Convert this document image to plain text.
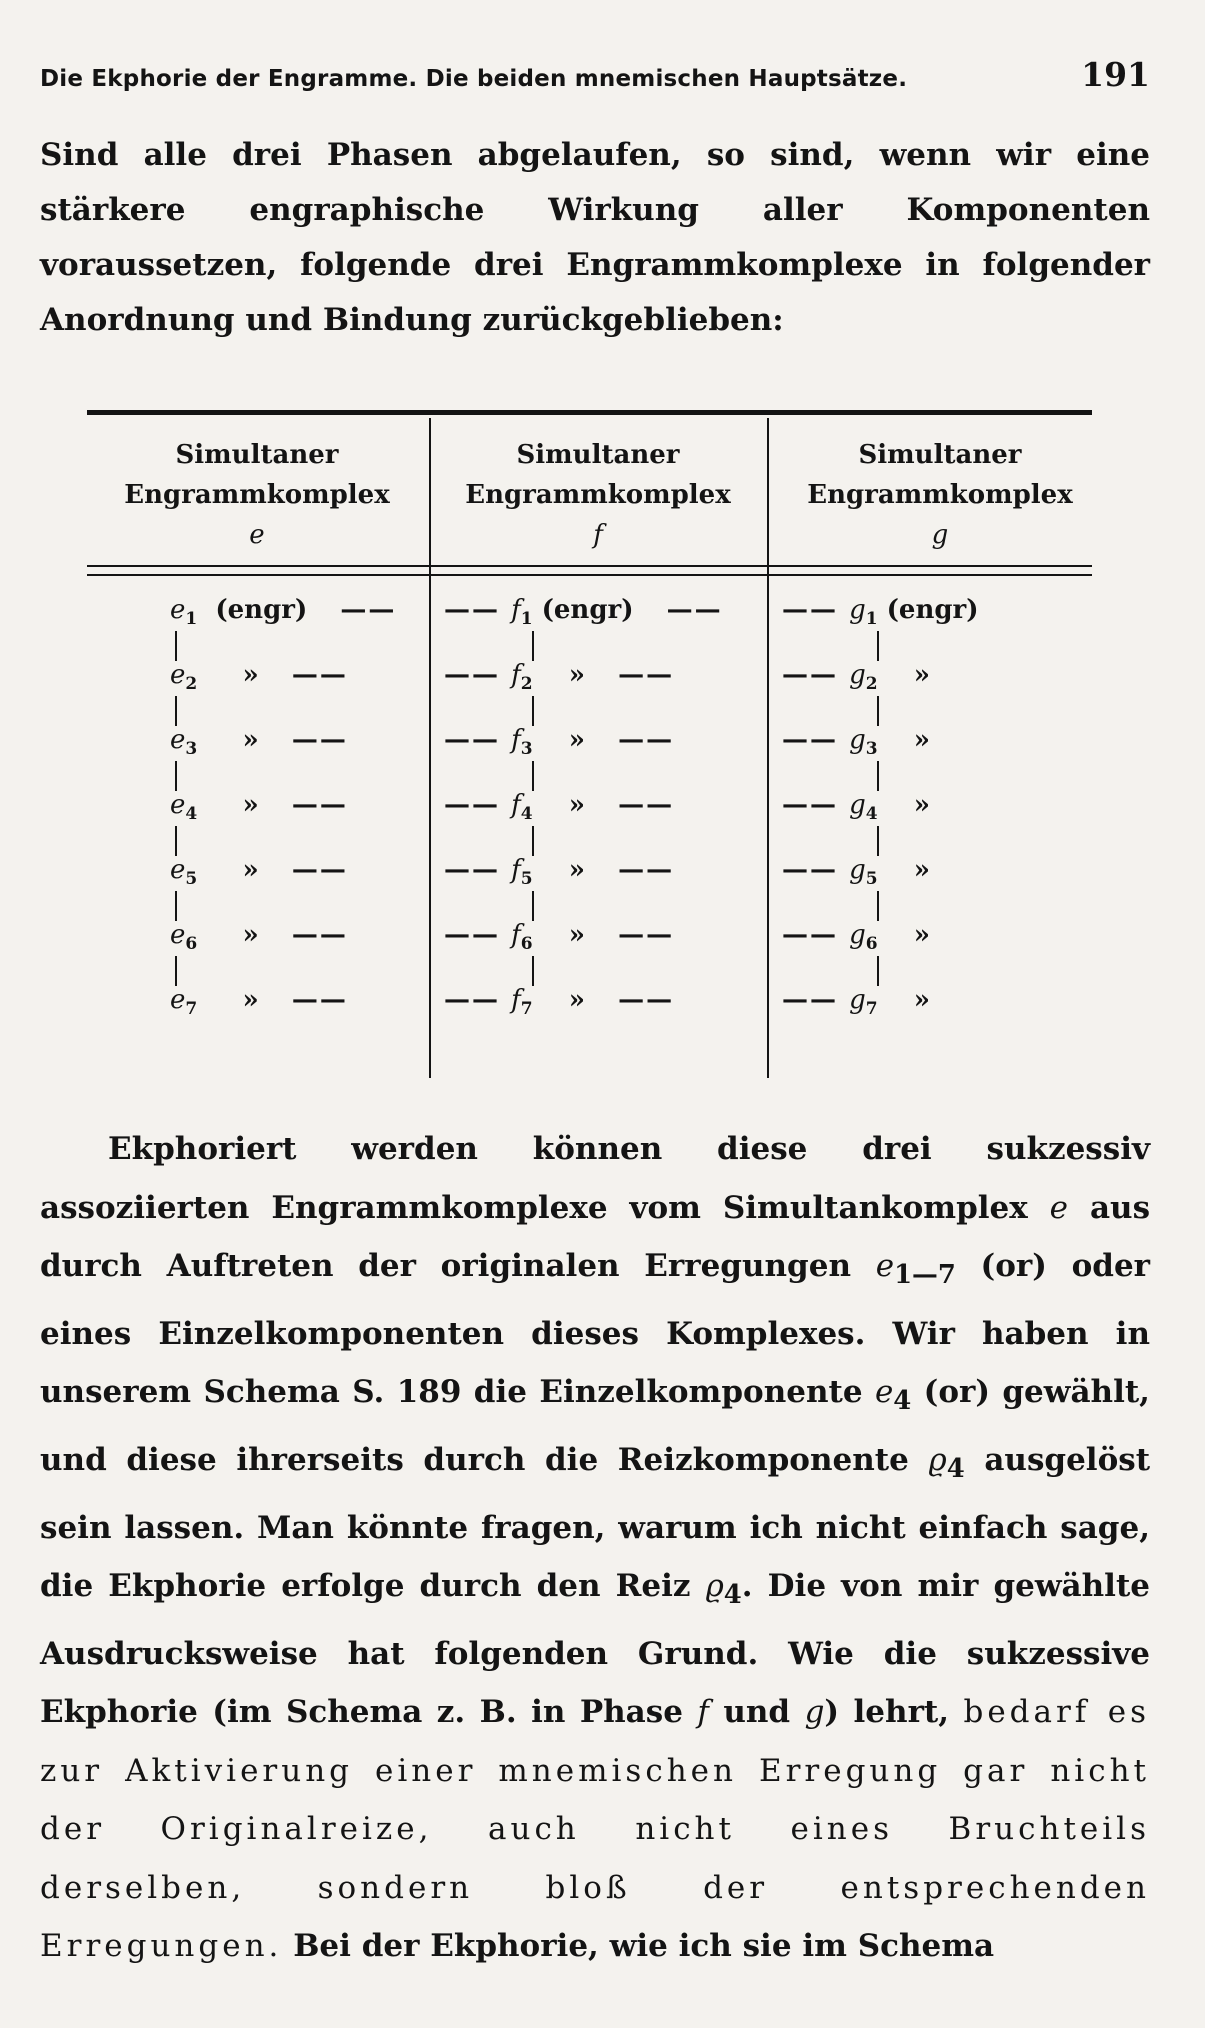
Die Ekphorie der Engramme. Die beiden mnemischen Hauptsätze.	191

Sind alle drei Phasen abgelaufen, so sind, wenn wir eine stärkere engraphische Wirkung aller Komponenten voraussetzen, folgende drei Engrammkomplexe in folgender Anordnung und Bindung zurückgeblieben:

Simultaner
Engrammkomplex
e
Simultaner
Engrammkomplex
f
Simultaner
Engrammkomplex
g
$e_1$  (engr)   ——
$e_2$     »   ——
$e_3$     »   ——
$e_4$     »   ——
$e_5$     »   ——
$e_6$     »   ——
$e_7$     »   ——
—— $f_1$ (engr)   ——
—— $f_2$    »   ——
—— $f_3$    »   ——
—— $f_4$    »   ——
—— $f_5$    »   ——
—— $f_6$    »   ——
—— $f_7$    »   ——
—— $g_1$ (engr)
—— $g_2$    »
—— $g_3$    »
—— $g_4$    »
—— $g_5$    »
—— $g_6$    »
—— $g_7$    »

Ekphoriert werden können diese drei sukzessiv assoziierten Engrammkomplexe vom Simultankomplex e aus durch Auftreten der originalen Erregungen $e_{1—7}$ (or) oder eines Einzelkomponenten dieses Komplexes. Wir haben in unserem Schema S. 189 die Einzelkomponente $e_4$ (or) gewählt, und diese ihrerseits durch die Reizkomponente $ϱ_4$ ausgelöst sein lassen. Man könnte fragen, warum ich nicht einfach sage, die Ekphorie erfolge durch den Reiz $ϱ_4$. Die von mir gewählte Ausdrucksweise hat folgenden Grund. Wie die sukzessive Ekphorie (im Schema z. B. in Phase f und g) lehrt, bedarf es zur Aktivierung einer mnemischen Erregung gar nicht der Originalreize, auch nicht eines Bruchteils derselben, sondern bloß der entsprechenden Erregungen. Bei der Ekphorie, wie ich sie im Schema
